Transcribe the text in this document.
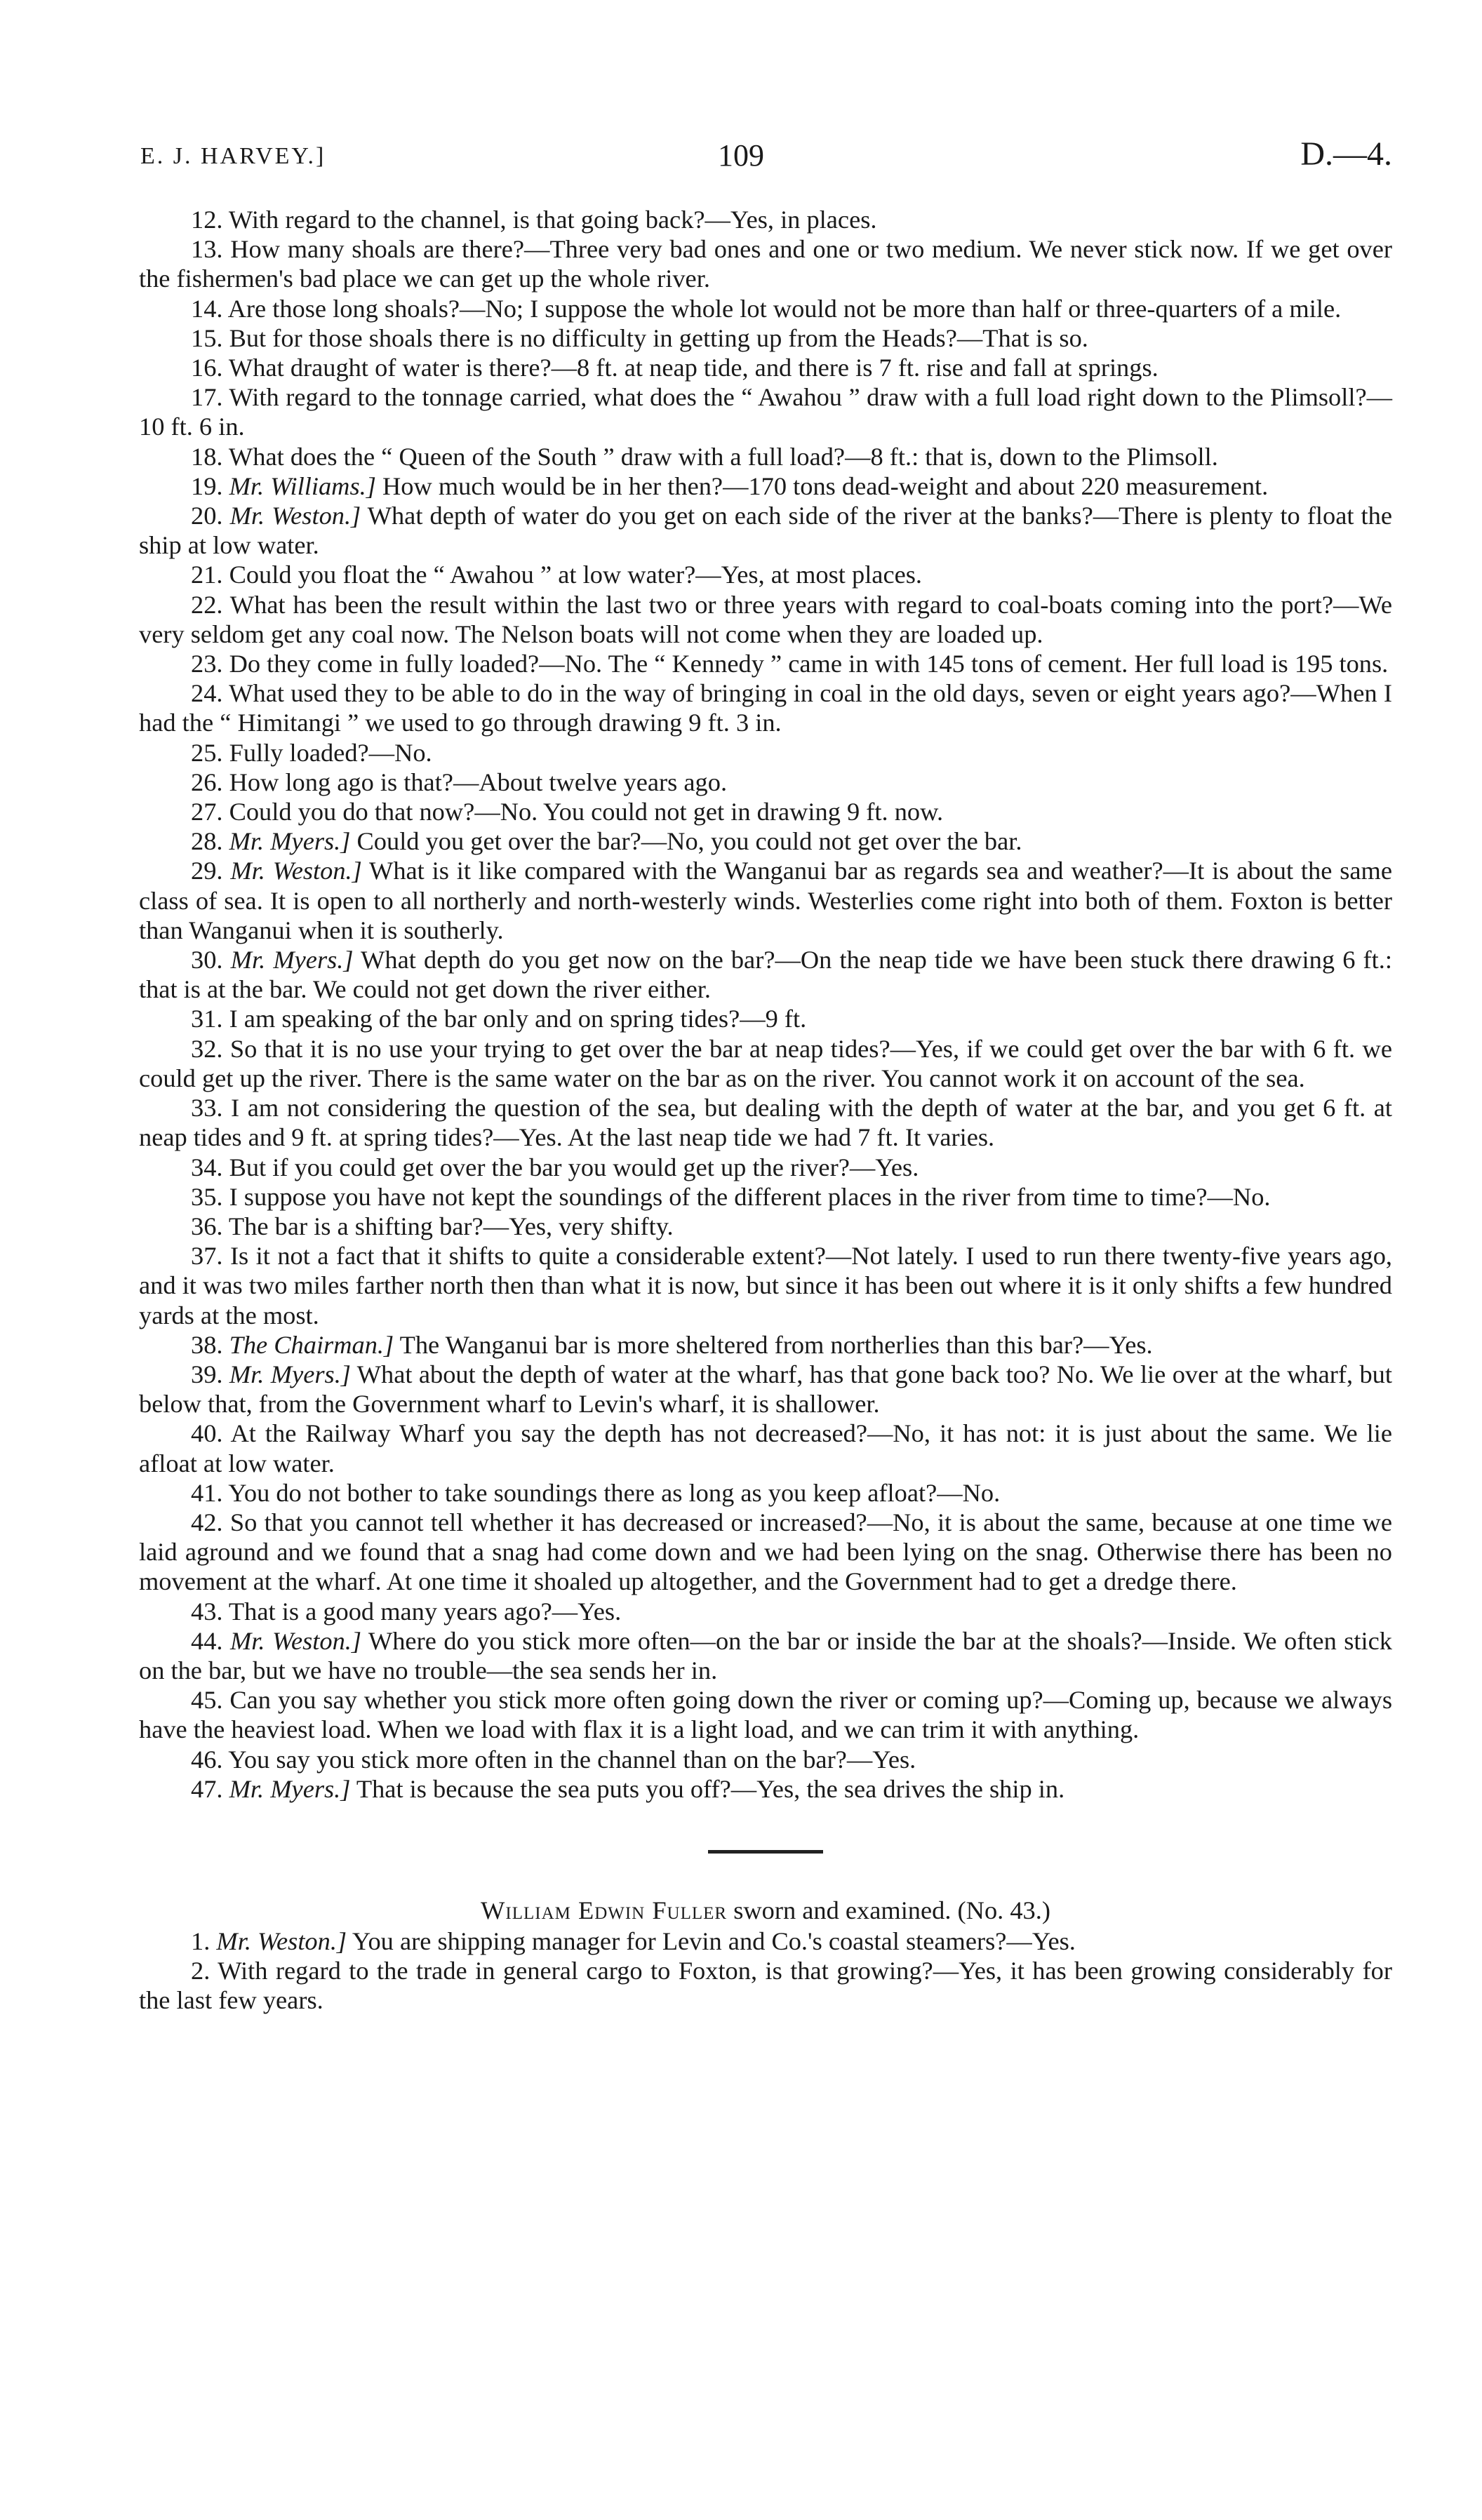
E. J. HARVEY.]	109	D.—4.

12. With regard to the channel, is that going back?—Yes, in places.

13. How many shoals are there?—Three very bad ones and one or two medium. We never stick now. If we get over the fishermen's bad place we can get up the whole river.

14. Are those long shoals?—No; I suppose the whole lot would not be more than half or three-quarters of a mile.

15. But for those shoals there is no difficulty in getting up from the Heads?—That is so.

16. What draught of water is there?—8 ft. at neap tide, and there is 7 ft. rise and fall at springs.

17. With regard to the tonnage carried, what does the “ Awahou ” draw with a full load right down to the Plimsoll?—10 ft. 6 in.

18. What does the “ Queen of the South ” draw with a full load?—8 ft.: that is, down to the Plimsoll.

19. Mr. Williams.] How much would be in her then?—170 tons dead-weight and about 220 measurement.

20. Mr. Weston.] What depth of water do you get on each side of the river at the banks?—There is plenty to float the ship at low water.

21. Could you float the “ Awahou ” at low water?—Yes, at most places.

22. What has been the result within the last two or three years with regard to coal-boats coming into the port?—We very seldom get any coal now. The Nelson boats will not come when they are loaded up.

23. Do they come in fully loaded?—No. The “ Kennedy ” came in with 145 tons of cement. Her full load is 195 tons.

24. What used they to be able to do in the way of bringing in coal in the old days, seven or eight years ago?—When I had the “ Himitangi ” we used to go through drawing 9 ft. 3 in.

25. Fully loaded?—No.

26. How long ago is that?—About twelve years ago.

27. Could you do that now?—No. You could not get in drawing 9 ft. now.

28. Mr. Myers.] Could you get over the bar?—No, you could not get over the bar.

29. Mr. Weston.] What is it like compared with the Wanganui bar as regards sea and weather?—It is about the same class of sea. It is open to all northerly and north-westerly winds. Westerlies come right into both of them. Foxton is better than Wanganui when it is southerly.

30. Mr. Myers.] What depth do you get now on the bar?—On the neap tide we have been stuck there drawing 6 ft.: that is at the bar. We could not get down the river either.

31. I am speaking of the bar only and on spring tides?—9 ft.

32. So that it is no use your trying to get over the bar at neap tides?—Yes, if we could get over the bar with 6 ft. we could get up the river. There is the same water on the bar as on the river. You cannot work it on account of the sea.

33. I am not considering the question of the sea, but dealing with the depth of water at the bar, and you get 6 ft. at neap tides and 9 ft. at spring tides?—Yes. At the last neap tide we had 7 ft. It varies.

34. But if you could get over the bar you would get up the river?—Yes.

35. I suppose you have not kept the soundings of the different places in the river from time to time?—No.

36. The bar is a shifting bar?—Yes, very shifty.

37. Is it not a fact that it shifts to quite a considerable extent?—Not lately. I used to run there twenty-five years ago, and it was two miles farther north then than what it is now, but since it has been out where it is it only shifts a few hundred yards at the most.

38. The Chairman.] The Wanganui bar is more sheltered from northerlies than this bar?—Yes.

39. Mr. Myers.] What about the depth of water at the wharf, has that gone back too? No. We lie over at the wharf, but below that, from the Government wharf to Levin's wharf, it is shallower.

40. At the Railway Wharf you say the depth has not decreased?—No, it has not: it is just about the same. We lie afloat at low water.

41. You do not bother to take soundings there as long as you keep afloat?—No.

42. So that you cannot tell whether it has decreased or increased?—No, it is about the same, because at one time we laid aground and we found that a snag had come down and we had been lying on the snag. Otherwise there has been no movement at the wharf. At one time it shoaled up altogether, and the Government had to get a dredge there.

43. That is a good many years ago?—Yes.

44. Mr. Weston.] Where do you stick more often—on the bar or inside the bar at the shoals?—Inside. We often stick on the bar, but we have no trouble—the sea sends her in.

45. Can you say whether you stick more often going down the river or coming up?—Coming up, because we always have the heaviest load. When we load with flax it is a light load, and we can trim it with anything.

46. You say you stick more often in the channel than on the bar?—Yes.

47. Mr. Myers.] That is because the sea puts you off?—Yes, the sea drives the ship in.

William Edwin Fuller sworn and examined. (No. 43.)

1. Mr. Weston.] You are shipping manager for Levin and Co.'s coastal steamers?—Yes.

2. With regard to the trade in general cargo to Foxton, is that growing?—Yes, it has been growing considerably for the last few years.
